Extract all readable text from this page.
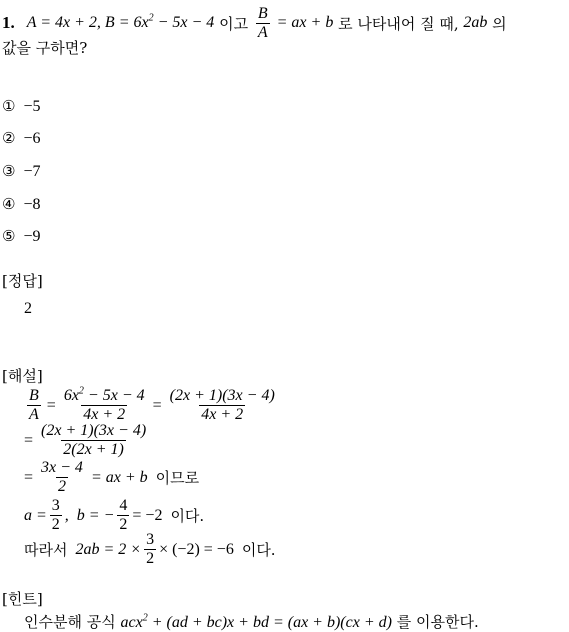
1. A = 4x + 2, $B = 6x^2 - 5x - 4$ 이고 $\frac{B}{A}$ = ax + b 로 나타내어 질 때, 2ab 의
값을 구하면?
① −5
② −6
③ −7
④ −8
⑤ −9
[정답]
2
[해설]
$\frac{B}{A} = \frac{6x^2 - 5x - 4}{4x + 2} = \frac{(2x + 1)(3x - 4)}{4x + 2}$
= $\frac{(2x + 1)(3x - 4)}{2(2x + 1)}$
= $\frac{3x - 4}{2}$ = ax + b 이므로
$a = \frac{3}{2}$ ,  b = − $\frac{4}{2} = -2$ 이다.
따라서 $2ab = 2 \times \frac{3}{2} \times (-2) = -6$ 이다.
[힌트]
인수분해 공식 acx$^2$ + (ad + bc)x + bd = (ax + b)(cx + d) 를 이용한다.
